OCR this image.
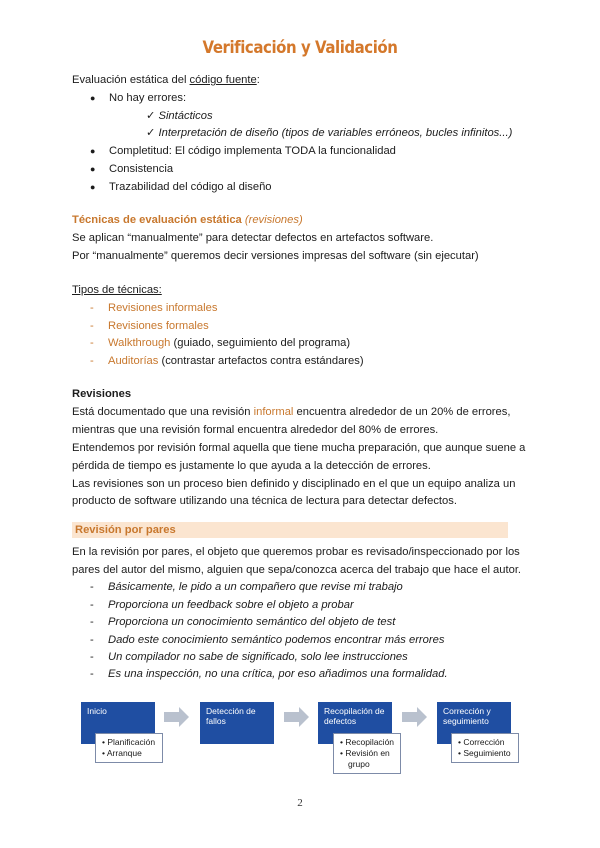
Verificación y Validación
Evaluación estática del código fuente:
● No hay errores:
✓ Sintácticos
✓ Interpretación de diseño (tipos de variables erróneos, bucles infinitos...)
● Completitud: El código implementa TODA la funcionalidad
● Consistencia
● Trazabilidad del código al diseño
Técnicas de evaluación estática (revisiones)
Se aplican “manualmente” para detectar defectos en artefactos software.
Por “manualmente” queremos decir versiones impresas del software (sin ejecutar)
Tipos de técnicas:
- Revisiones informales
- Revisiones formales
- Walkthrough (guiado, seguimiento del programa)
- Auditorías (contrastar artefactos contra estándares)
Revisiones
Está documentado que una revisión informal encuentra alrededor de un 20% de errores,
mientras que una revisión formal encuentra alrededor del 80% de errores.
Entendemos por revisión formal aquella que tiene mucha preparación, que aunque suene a
pérdida de tiempo es justamente lo que ayuda a la detección de errores.
Las revisiones son un proceso bien definido y disciplinado en el que un equipo analiza un
producto de software utilizando una técnica de lectura para detectar defectos.
Revisión por pares
En la revisión por pares, el objeto que queremos probar es revisado/inspeccionado por los
pares del autor del mismo, alguien que sepa/conozca acerca del trabajo que hace el autor.
- Básicamente, le pido a un compañero que revise mi trabajo
- Proporciona un feedback sobre el objeto a probar
- Proporciona un conocimiento semántico del objeto de test
- Dado este conocimiento semántico podemos encontrar más errores
- Un compilador no sabe de significado, solo lee instrucciones
- Es una inspección, no una crítica, por eso añadimos una formalidad.
Inicio
• Planificación
• Arranque
Detección de
fallos
Recopilación de
defectos
• Recopilación
• Revisión en
grupo
Corrección y
seguimiento
• Corrección
• Seguimiento
2
